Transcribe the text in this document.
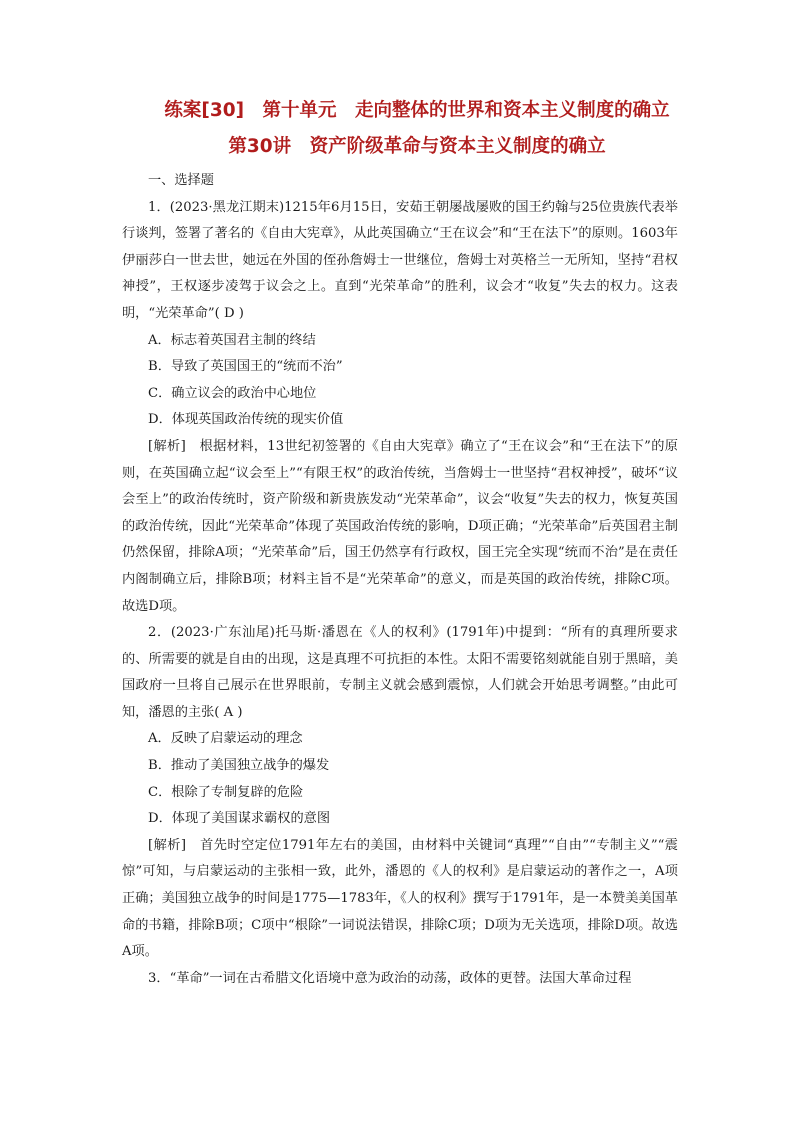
练案[30]　第十单元　走向整体的世界和资本主义制度的确立
第30讲　资产阶级革命与资本主义制度的确立

一、选择题

1．(2023·黑龙江期末)1215年6月15日，安茹王朝屡战屡败的国王约翰与25位贵族代表举行谈判，签署了著名的《自由大宪章》，从此英国确立“王在议会”和“王在法下”的原则。1603年伊丽莎白一世去世，她远在外国的侄孙詹姆士一世继位，詹姆士对英格兰一无所知，坚持“君权神授”，王权逐步凌驾于议会之上。直到“光荣革命”的胜利，议会才“收复”失去的权力。这表明，“光荣革命”( D )

A．标志着英国君主制的终结

B．导致了英国国王的“统而不治”

C．确立议会的政治中心地位

D．体现英国政治传统的现实价值

[解析]　根据材料，13世纪初签署的《自由大宪章》确立了“王在议会”和“王在法下”的原则，在英国确立起“议会至上”“有限王权”的政治传统，当詹姆士一世坚持“君权神授”，破坏“议会至上”的政治传统时，资产阶级和新贵族发动“光荣革命”，议会“收复”失去的权力，恢复英国的政治传统，因此“光荣革命”体现了英国政治传统的影响，D项正确；“光荣革命”后英国君主制仍然保留，排除A项；“光荣革命”后，国王仍然享有行政权，国王完全实现“统而不治”是在责任内阁制确立后，排除B项；材料主旨不是“光荣革命”的意义，而是英国的政治传统，排除C项。故选D项。

2．(2023·广东汕尾)托马斯·潘恩在《人的权利》(1791年)中提到：“所有的真理所要求的、所需要的就是自由的出现，这是真理不可抗拒的本性。太阳不需要铭刻就能自别于黑暗，美国政府一旦将自己展示在世界眼前，专制主义就会感到震惊，人们就会开始思考调整。”由此可知，潘恩的主张( A )

A．反映了启蒙运动的理念

B．推动了美国独立战争的爆发

C．根除了专制复辟的危险

D．体现了美国谋求霸权的意图

[解析]　首先时空定位1791年左右的美国，由材料中关键词“真理”“自由”“专制主义”“震惊”可知，与启蒙运动的主张相一致，此外，潘恩的《人的权利》是启蒙运动的著作之一，A项正确；美国独立战争的时间是1775—1783年，《人的权利》撰写于1791年，是一本赞美美国革命的书籍，排除B项；C项中“根除”一词说法错误，排除C项；D项为无关选项，排除D项。故选A项。

3．“革命”一词在古希腊文化语境中意为政治的动荡，政体的更替。法国大革命过程
